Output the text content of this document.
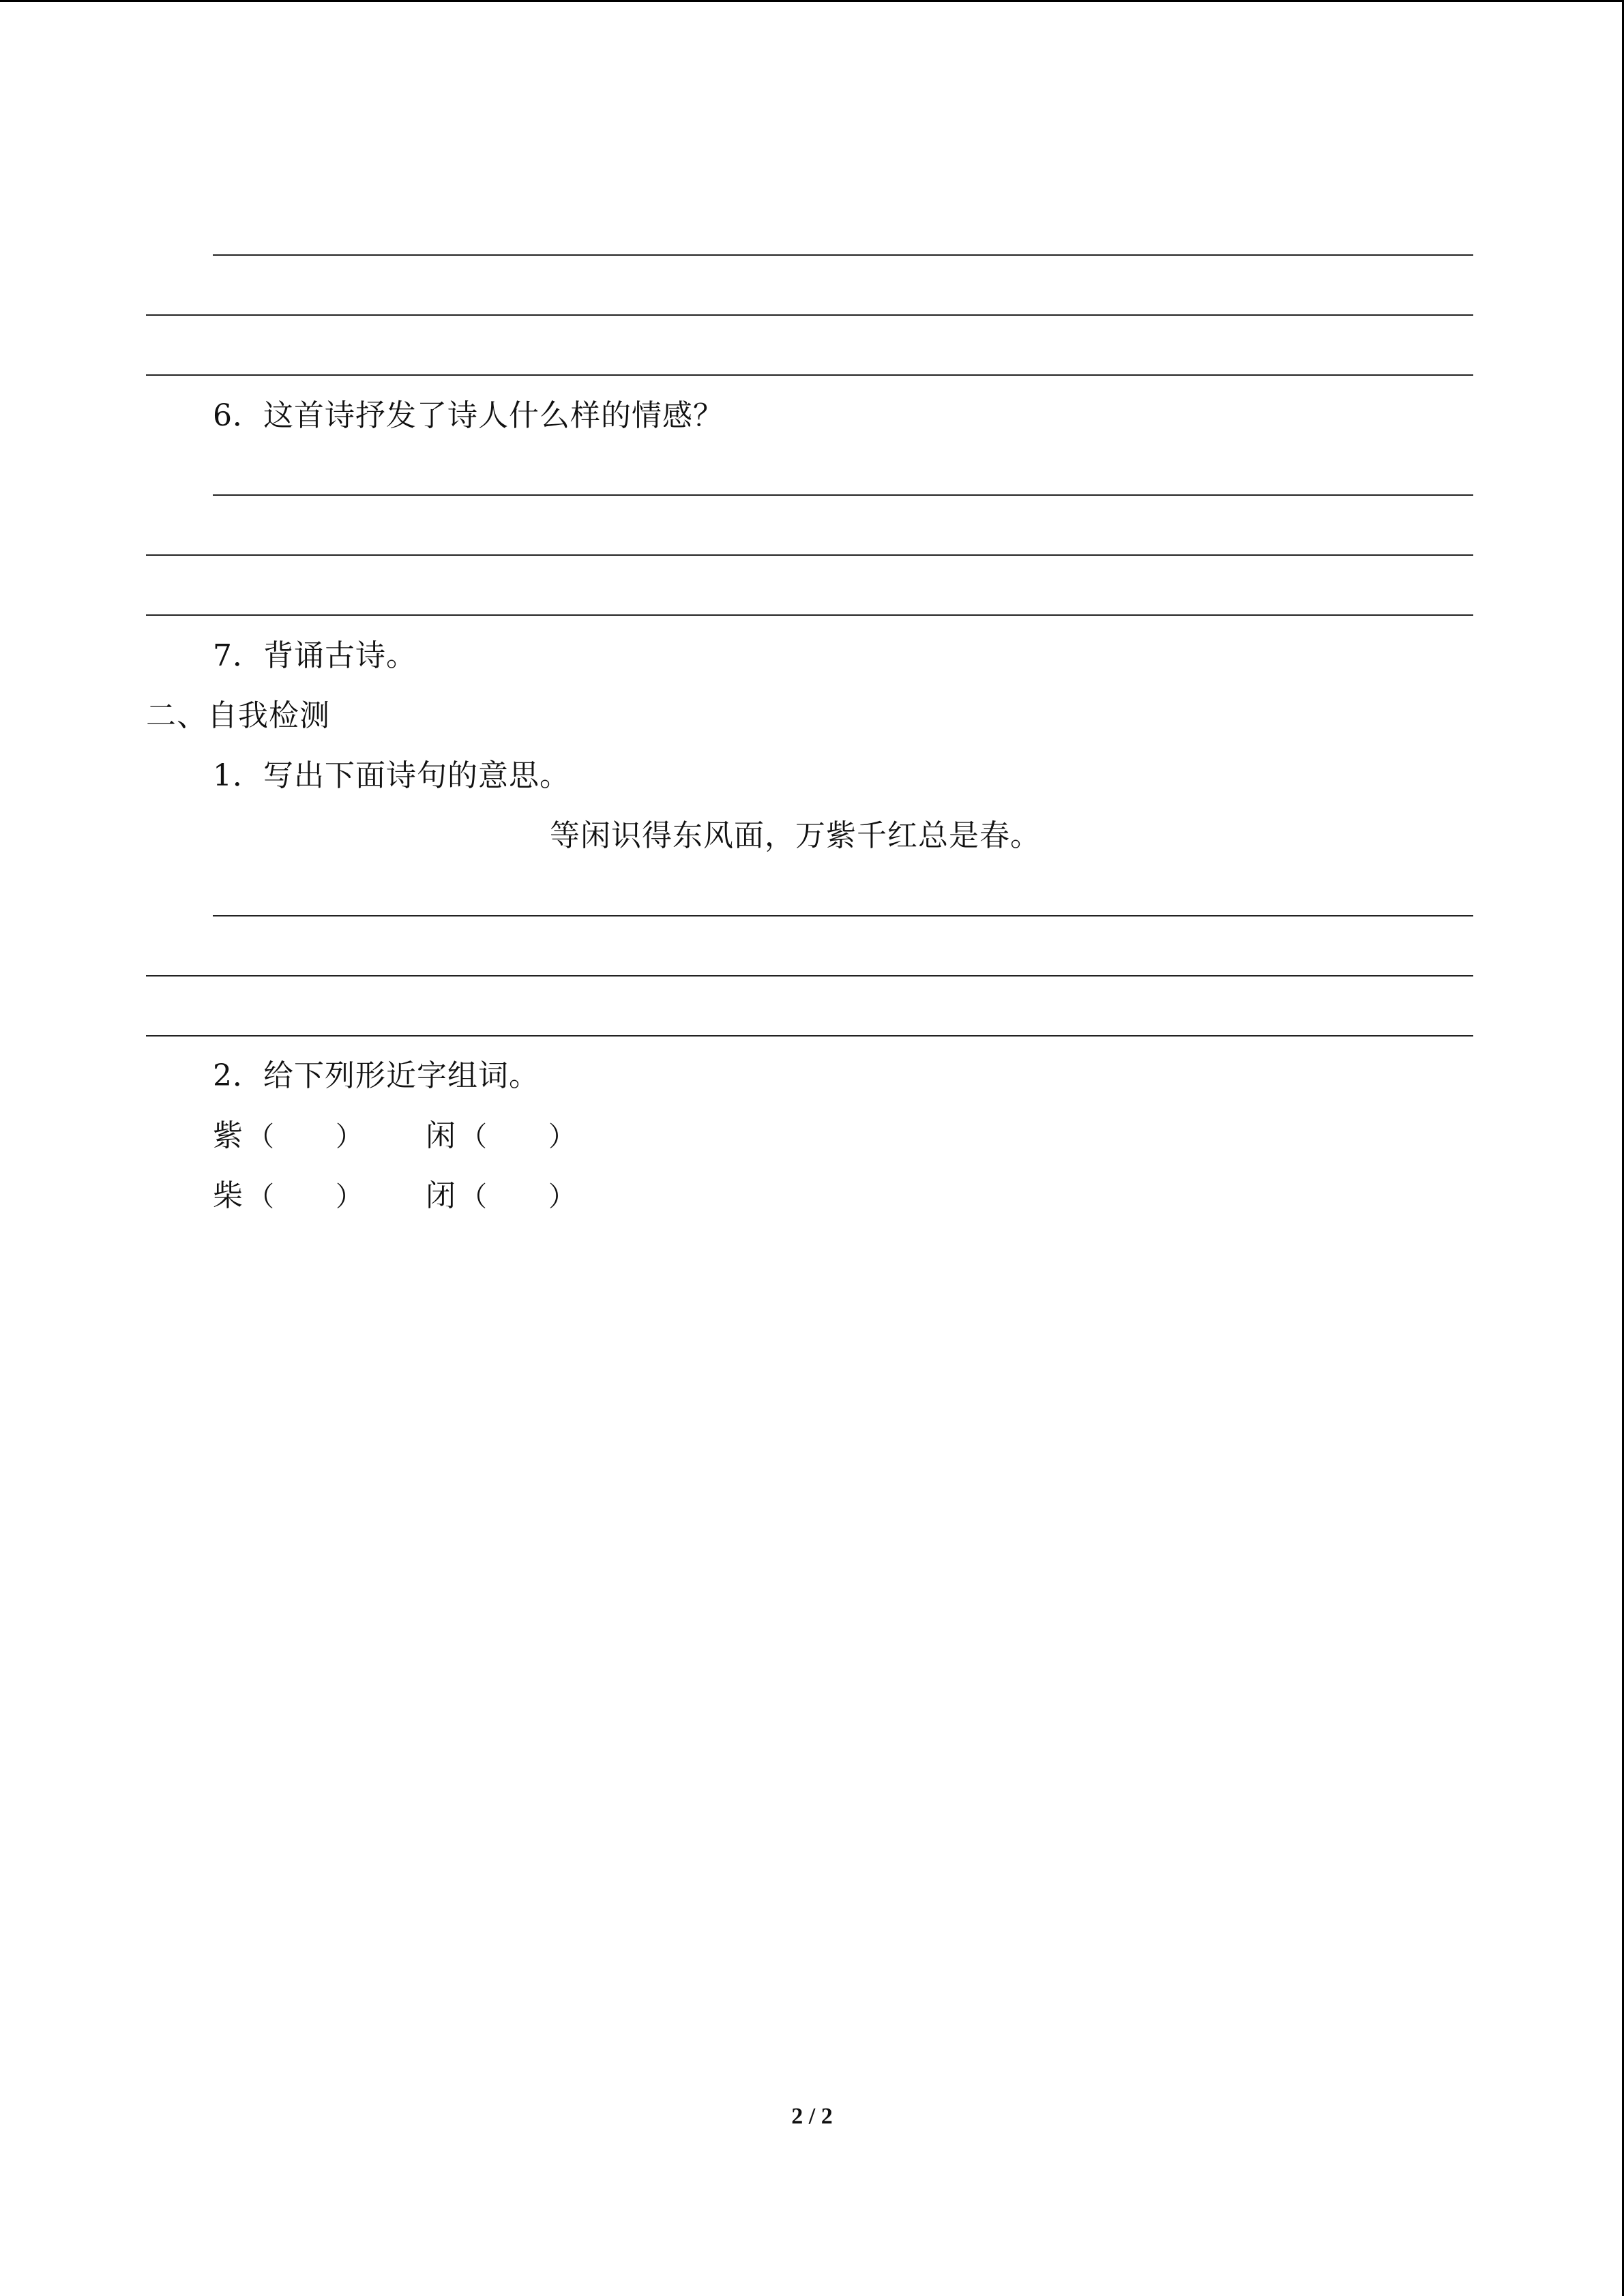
6．这首诗抒发了诗人什么样的情感？
7．背诵古诗。
二、自我检测
1．写出下面诗句的意思。
等闲识得东风面，万紫千红总是春。
2．给下列形近字组词。
紫 （ ） 闲 （ ）
柴 （ ） 闭 （ ）
2 / 2
